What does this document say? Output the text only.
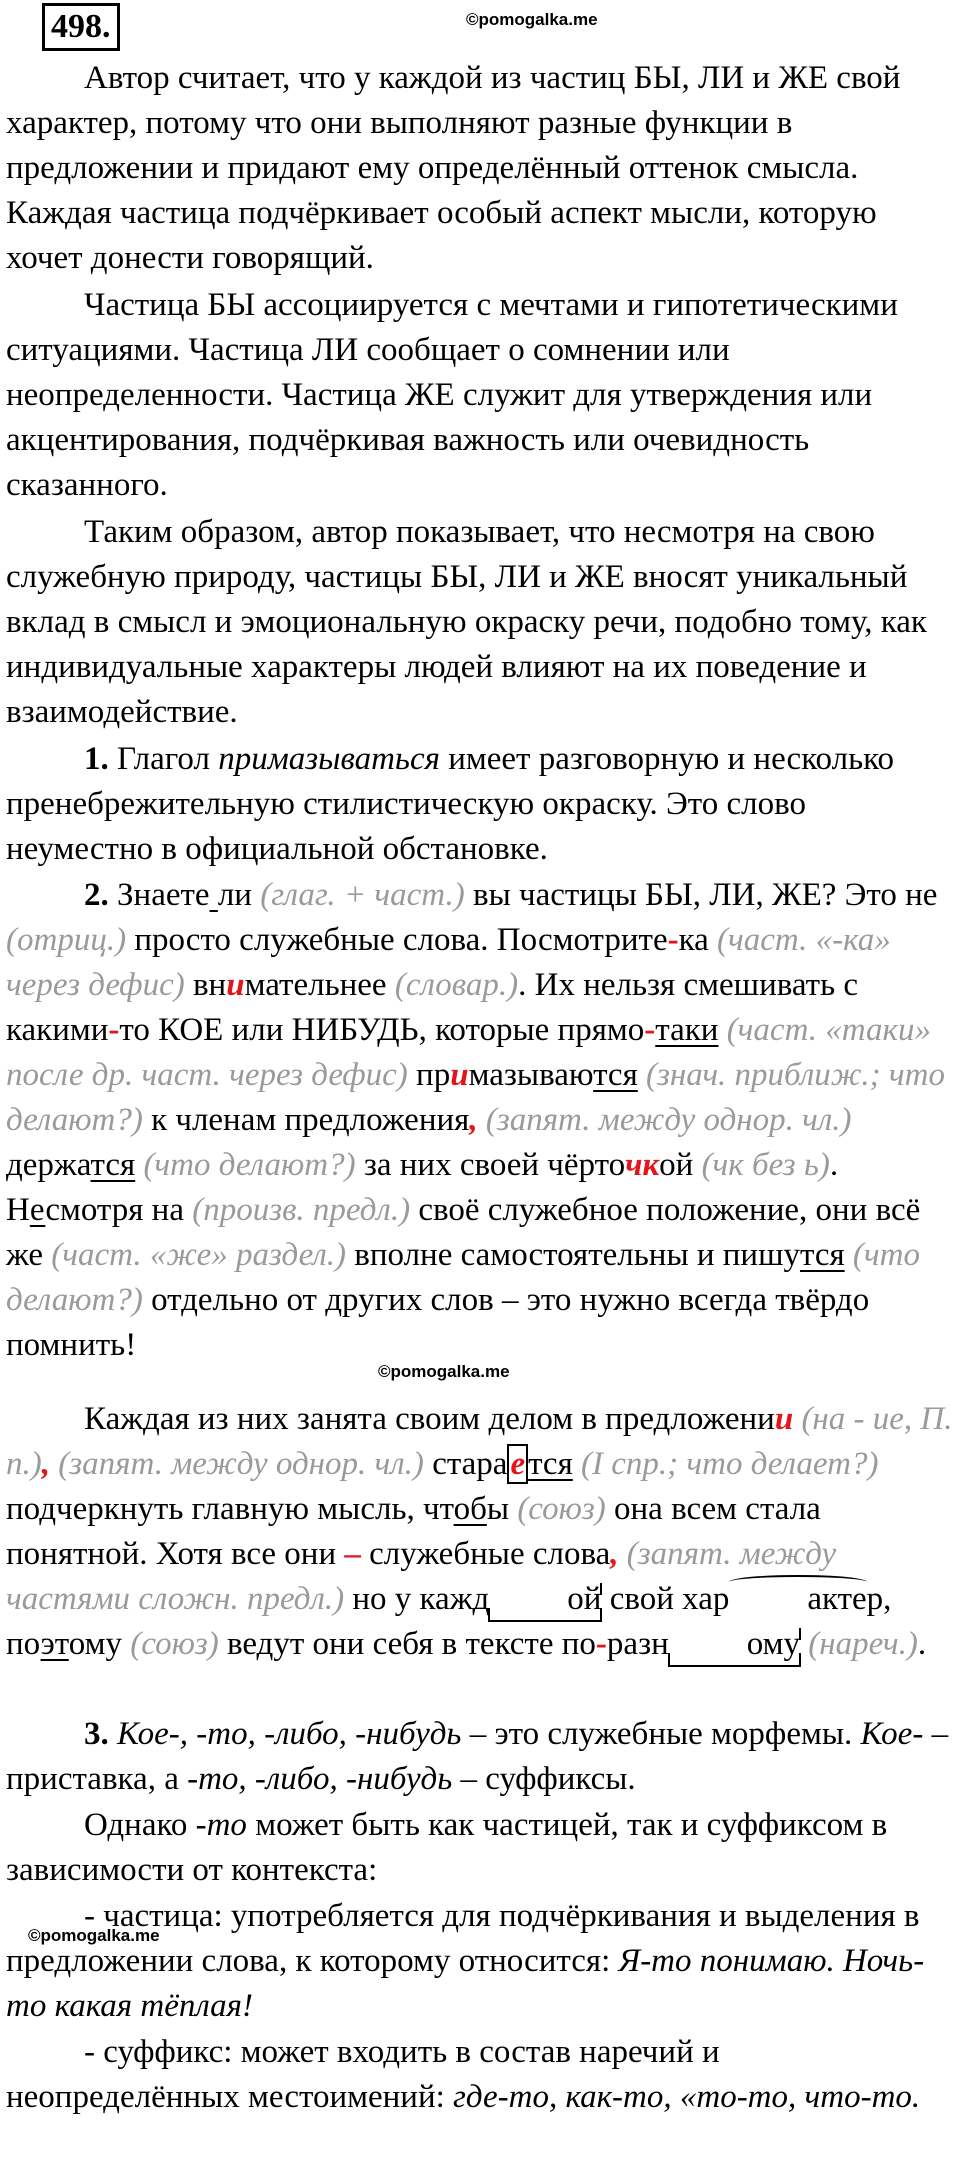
498.	©pomogalka.me

Автор считает, что у каждой из частиц БЫ, ЛИ и ЖЕ свой характер, потому что они выполняют разные функции в предложении и придают ему определённый оттенок смысла. Каждая частица подчёркивает особый аспект мысли, которую хочет донести говорящий.

Частица БЫ ассоциируется с мечтами и гипотетическими ситуациями. Частица ЛИ сообщает о сомнении или неопределенности. Частица ЖЕ служит для утверждения или акцентирования, подчёркивая важность или очевидность сказанного.

Таким образом, автор показывает, что несмотря на свою служебную природу, частицы БЫ, ЛИ и ЖЕ вносят уникальный вклад в смысл и эмоциональную окраску речи, подобно тому, как индивидуальные характеры людей влияют на их поведение и взаимодействие.

1. Глагол примазываться имеет разговорную и несколько пренебрежительную стилистическую окраску. Это слово неуместно в официальной обстановке.

2. Знаете ли (глаг. + част.) вы частицы БЫ, ЛИ, ЖЕ? Это не (отриц.) просто служебные слова. Посмотрите-ка (част. «-ка» через дефис) внимательнее (словар.). Их нельзя смешивать с какими-то КОЕ или НИБУДЬ, которые прямо-таки (част. «таки» после др. част. через дефис) примазываются (знач. приближ.; что делают?) к членам предложения, (запят. между однор. чл.) держатся (что делают?) за них своей чёрточкой (чк без ь). Несмотря на (произв. предл.) своё служебное положение, они всё же (част. «же» раздел.) вполне самостоятельны и пишутся (что делают?) отдельно от других слов – это нужно всегда твёрдо помнить!

©pomogalka.me

Каждая из них занята своим делом в предложении (на - ие, П. п.), (запят. между однор. чл.) старается (I спр.; что делает?) подчеркнуть главную мысль, чтобы (союз) она всем стала понятной. Хотя все они – служебные слова, (запят. между частями сложн. предл.) но у кажд ой свой хар актер, поэтому (союз) ведут они себя в тексте по-разн ому (нареч.).

3. Кое-, -то, -либо, -нибудь – это служебные морфемы. Кое- – приставка, а -то, -либо, -нибудь – суффиксы.

Однако -то может быть как частицей, так и суффиксом в зависимости от контекста:

- частица: употребляется для подчёркивания и выделения в предложении слова, к которому относится: Я-то понимаю. Ночь-то какая тёплая!

©pomogalka.me

- суффикс: может входить в состав наречий и неопределённых местоимений: где-то, как-то, «то-то, что-то.
